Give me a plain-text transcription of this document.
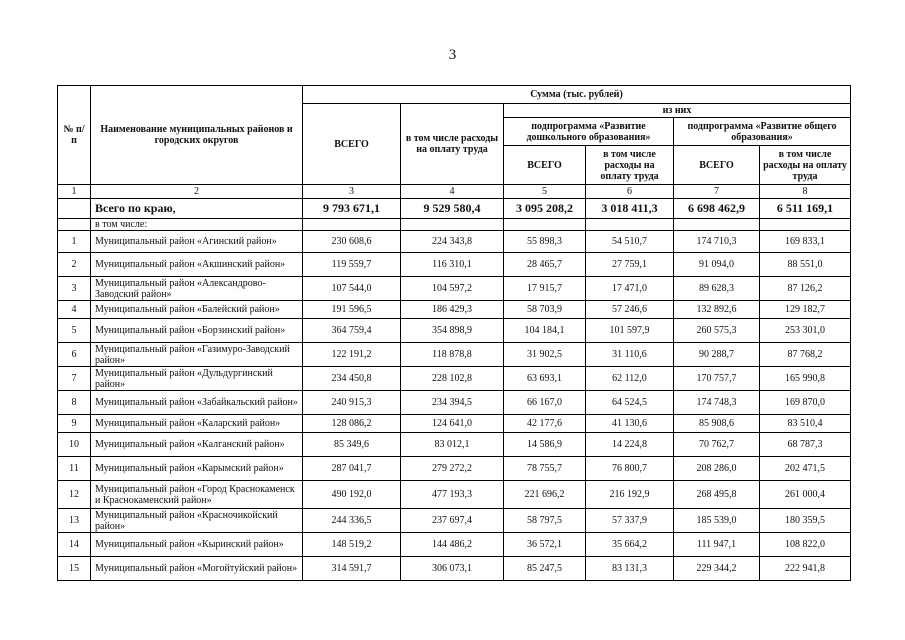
3
№ п/п	Наименование муниципальных районов и городских округов	Сумма (тыс. рублей)					
		ВСЕГО	в том числе расходы на оплату труда	из них			
				подпрограмма «Развитие дошкольного образования»		подпрограмма «Развитие общего образования»	
				ВСЕГО	в том числе расходы на оплату труда	ВСЕГО	в том числе расходы на оплату труда
1	2	3	4	5	6	7	8
	Всего по краю,	9 793 671,1	9 529 580,4	3 095 208,2	3 018 411,3	6 698 462,9	6 511 169,1
	в том числе:						
1	Муниципальный район «Агинский район»	230 608,6	224 343,8	55 898,3	54 510,7	174 710,3	169 833,1
2	Муниципальный район «Акшинский район»	119 559,7	116 310,1	28 465,7	27 759,1	91 094,0	88 551,0
3	Муниципальный район «Александрово-Заводский район»	107 544,0	104 597,2	17 915,7	17 471,0	89 628,3	87 126,2
4	Муниципальный район «Балейский район»	191 596,5	186 429,3	58 703,9	57 246,6	132 892,6	129 182,7
5	Муниципальный район «Борзинский район»	364 759,4	354 898,9	104 184,1	101 597,9	260 575,3	253 301,0
6	Муниципальный район «Газимуро-Заводский район»	122 191,2	118 878,8	31 902,5	31 110,6	90 288,7	87 768,2
7	Муниципальный район «Дульдургинский район»	234 450,8	228 102,8	63 693,1	62 112,0	170 757,7	165 990,8
8	Муниципальный район «Забайкальский район»	240 915,3	234 394,5	66 167,0	64 524,5	174 748,3	169 870,0
9	Муниципальный район «Каларский район»	128 086,2	124 641,0	42 177,6	41 130,6	85 908,6	83 510,4
10	Муниципальный район «Калганский район»	85 349,6	83 012,1	14 586,9	14 224,8	70 762,7	68 787,3
11	Муниципальный район «Карымский район»	287 041,7	279 272,2	78 755,7	76 800,7	208 286,0	202 471,5
12	Муниципальный район «Город Краснокаменск и Краснокаменский район»	490 192,0	477 193,3	221 696,2	216 192,9	268 495,8	261 000,4
13	Муниципальный район «Красночикойский район»	244 336,5	237 697,4	58 797,5	57 337,9	185 539,0	180 359,5
14	Муниципальный район «Кыринский район»	148 519,2	144 486,2	36 572,1	35 664,2	111 947,1	108 822,0
15	Муниципальный район «Могойтуйский район»	314 591,7	306 073,1	85 247,5	83 131,3	229 344,2	222 941,8
